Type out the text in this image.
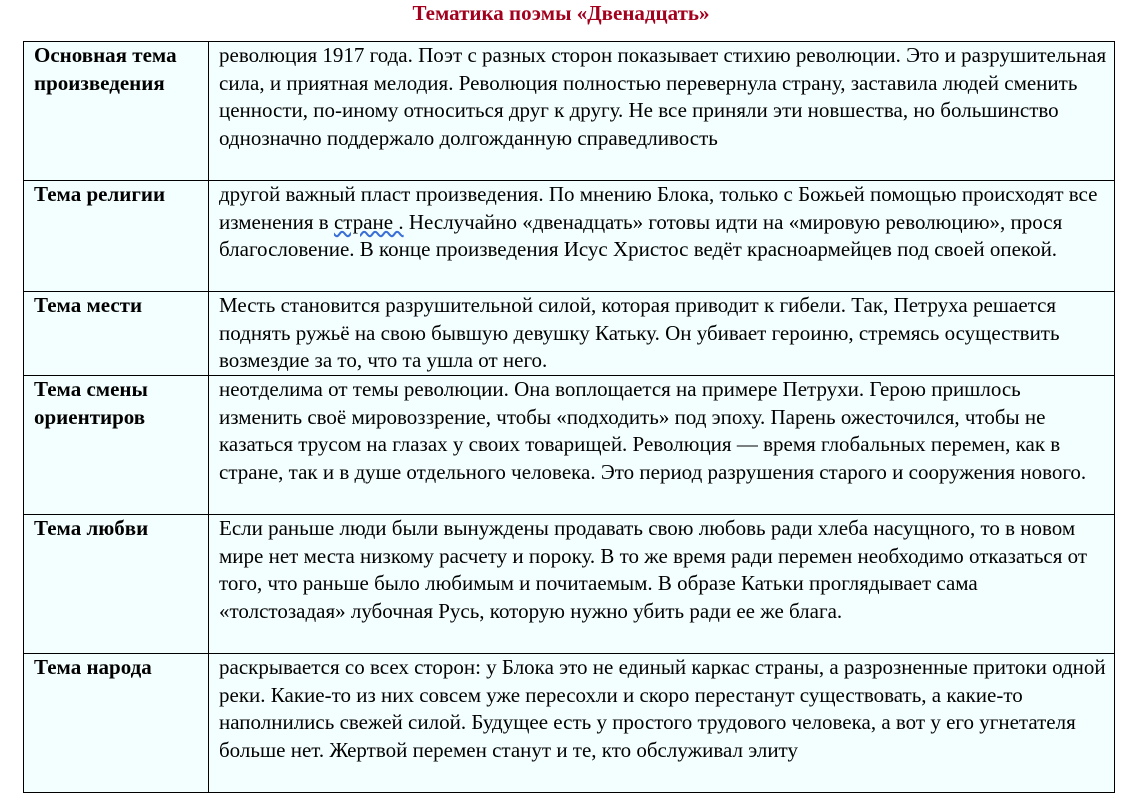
Тематика поэмы «Двенадцать»
Основная тема произведения	революция 1917 года. Поэт с разных сторон показывает стихию революции. Это и разрушительная сила, и приятная мелодия. Революция полностью перевернула страну, заставила людей сменить ценности, по-иному относиться друг к другу. Не все приняли эти новшества, но большинство однозначно поддержало долгожданную справедливость
Тема религии	другой важный пласт произведения. По мнению Блока, только с Божьей помощью происходят все изменения в стране . Неслучайно «двенадцать» готовы идти на «мировую революцию», прося благословение. В конце произведения Исус Христос ведёт красноармейцев под своей опекой.
Тема мести	Месть становится разрушительной силой, которая приводит к гибели. Так, Петруха решается поднять ружьё на свою бывшую девушку Катьку. Он убивает героиню, стремясь осуществить возмездие за то, что та ушла от него.
Тема смены ориентиров	неотделима от темы революции. Она воплощается на примере Петрухи. Герою пришлось изменить своё мировоззрение, чтобы «подходить» под эпоху. Парень ожесточился, чтобы не казаться трусом на глазах у своих товарищей. Революция — время глобальных перемен, как в стране, так и в душе отдельного человека. Это период разрушения старого и сооружения нового.
Тема любви	Если раньше люди были вынуждены продавать свою любовь ради хлеба насущного, то в новом мире нет места низкому расчету и пороку. В то же время ради перемен необходимо отказаться от того, что раньше было любимым и почитаемым. В образе Катьки проглядывает сама «толстозадая» лубочная Русь, которую нужно убить ради ее же блага.
Тема народа	раскрывается со всех сторон: у Блока это не единый каркас страны, а разрозненные притоки одной реки. Какие-то из них совсем уже пересохли и скоро перестанут существовать, а какие-то наполнились свежей силой. Будущее есть у простого трудового человека, а вот у его угнетателя больше нет. Жертвой перемен станут и те, кто обслуживал элиту
